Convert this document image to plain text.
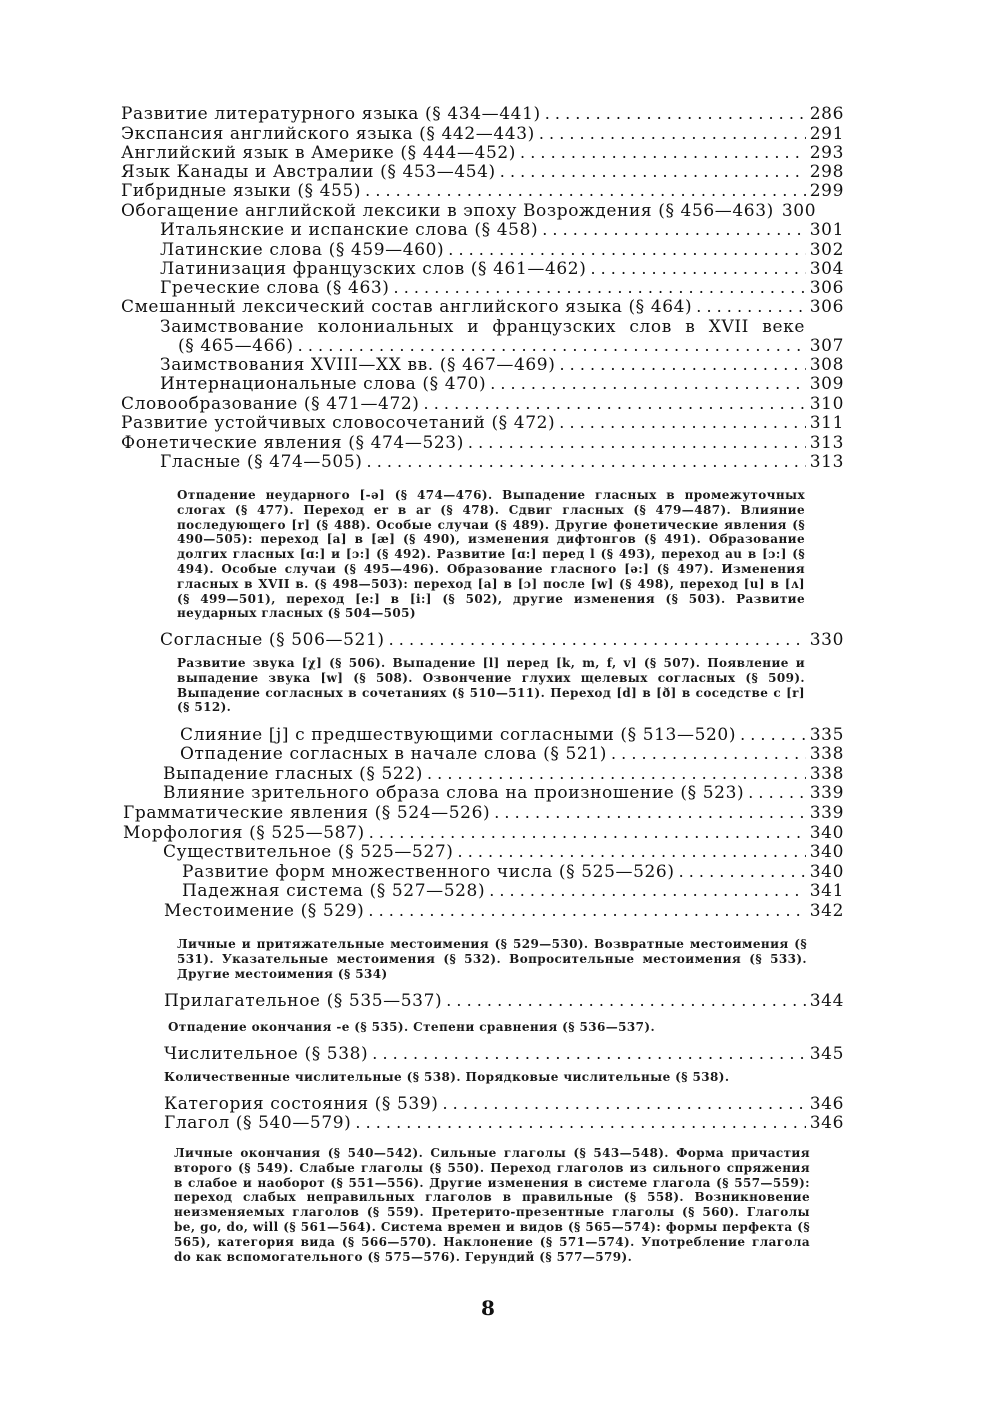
Развитие литературного языка (§ 434—441) . . .	286
Экспансия английского языка (§ 442—443) . . .	291
Английский язык в Америке (§ 444—452) . . .	293
Язык Канады и Австралии (§ 453—454) . . .	298
Гибридные языки (§ 455) . . .	299
Обогащение английской лексики в эпоху Возрождения (§ 456—463) 300
Итальянские и испанские слова (§ 458) . . .	301
Латинские слова (§ 459—460) . . .	302
Латинизация французских слов (§ 461—462) . . .	304
Греческие слова (§ 463) . . .	306
Смешанный лексический состав английского языка (§ 464) . . .	306
Заимствование колониальных и французских слов в XVII веке
(§ 465—466) . . .	307
Заимствования XVIII—XX вв. (§ 467—469) . . .	308
Интернациональные слова (§ 470) . . .	309
Словообразование (§ 471—472) . . .	310
Развитие устойчивых словосочетаний (§ 472) . . .	311
Фонетические явления (§ 474—523) . . .	313
Гласные (§ 474—505) . . .	313
Отпадение неударного [-ə] (§ 474—476). Выпадение гласных в промежуточных слогах (§ 477). Переход er в ar (§ 478). Сдвиг гласных (§ 479—487). Влияние последующего [r] (§ 488). Особые случаи (§ 489). Другие фонетические явления (§ 490—505): переход [a] в [æ] (§ 490), изменения дифтонгов (§ 491). Образование долгих гласных [ɑ:] и [ɔ:] (§ 492). Развитие [ɑ:] перед l (§ 493), переход au в [ɔ:] (§ 494). Особые случаи (§ 495—496). Образование гласного [ə:] (§ 497). Изменения гласных в XVII в. (§ 498—503): переход [a] в [ɔ] после [w] (§ 498), переход [u] в [ʌ] (§ 499—501), переход [e:] в [i:] (§ 502), другие изменения (§ 503). Развитие неударных гласных (§ 504—505)
Согласные (§ 506—521) . . .	330
Развитие звука [χ] (§ 506). Выпадение [l] перед [k, m, f, v] (§ 507). Появление и выпадение звука [w] (§ 508). Озвончение глухих щелевых согласных (§ 509). Выпадение согласных в сочетаниях (§ 510—511). Переход [d] в [ð] в соседстве с [r] (§ 512).
Слияние [j] с предшествующими согласными (§ 513—520) . . .	335
Отпадение согласных в начале слова (§ 521) . . .	338
Выпадение гласных (§ 522) . . .	338
Влияние зрительного образа слова на произношение (§ 523) . . .	339
Грамматические явления (§ 524—526) . . .	339
Морфология (§ 525—587) . . .	340
Существительное (§ 525—527) . . .	340
Развитие форм множественного числа (§ 525—526) . . .	340
Падежная система (§ 527—528) . . .	341
Местоимение (§ 529) . . .	342
Личные и притяжательные местоимения (§ 529—530). Возвратные местоимения (§ 531). Указательные местоимения (§ 532). Вопросительные местоимения (§ 533). Другие местоимения (§ 534)
Прилагательное (§ 535—537) . . .	344
Отпадение окончания -e (§ 535). Степени сравнения (§ 536—537).
Числительное (§ 538) . . .	345
Количественные числительные (§ 538). Порядковые числительные (§ 538).
Категория состояния (§ 539) . . .	346
Глагол (§ 540—579) . . .	346
Личные окончания (§ 540—542). Сильные глаголы (§ 543—548). Форма причастия второго (§ 549). Слабые глаголы (§ 550). Переход глаголов из сильного спряжения в слабое и наоборот (§ 551—556). Другие изменения в системе глагола (§ 557—559): переход слабых неправильных глаголов в правильные (§ 558). Возникновение неизменяемых глаголов (§ 559). Претерито-презентные глаголы (§ 560). Глаголы be, go, do, will (§ 561—564). Система времен и видов (§ 565—574): формы перфекта (§ 565), категория вида (§ 566—570). Наклонение (§ 571—574). Употребление глагола do как вспомогательного (§ 575—576). Герундий (§ 577—579).
8
